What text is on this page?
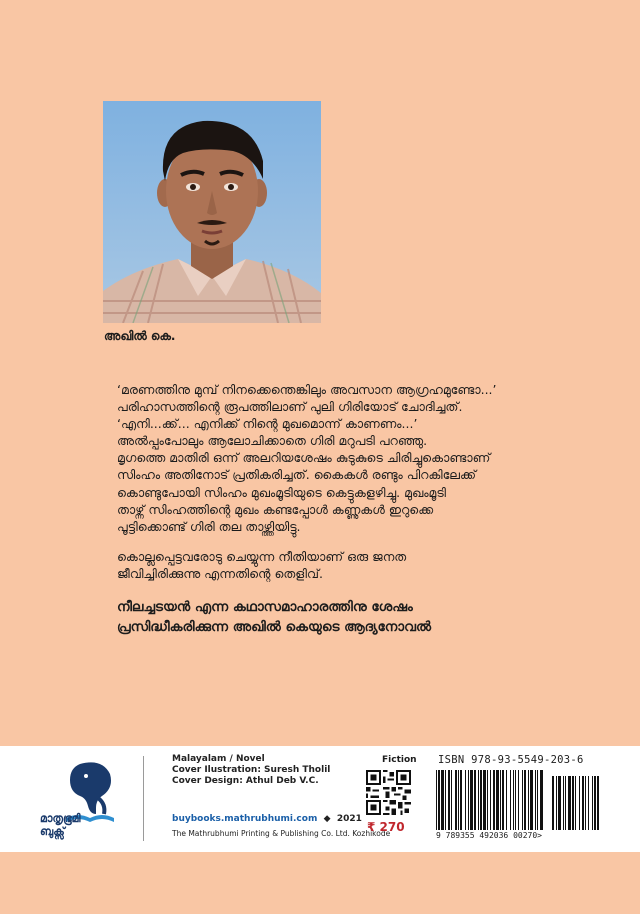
അഖിൽ കെ.

‘മരണത്തിനു മുമ്പ് നിനക്കെന്തെങ്കിലും അവസാന ആഗ്രഹമുണ്ടോ...’
പരിഹാസത്തിന്റെ രൂപത്തിലാണ് പുലി ഗിരിയോട് ചോദിച്ചത്.
‘എനി...ക്ക്... എനിക്ക് നിന്റെ മുഖമൊന്ന് കാണണം...’
അൽപ്പംപോലും ആലോചിക്കാതെ ഗിരി മറുപടി പറഞ്ഞു.
മൃഗത്തെ മാതിരി ഒന്ന് അലറിയശേഷം കുടുകുടെ ചിരിച്ചുകൊണ്ടാണ്
സിംഹം അതിനോട് പ്രതികരിച്ചത്. കൈകൾ രണ്ടും പിറകിലേക്ക്
കൊണ്ടുപോയി സിംഹം മുഖംമൂടിയുടെ കെട്ടുകളഴിച്ചു. മുഖംമൂടി
താഴ്ന്ന് സിംഹത്തിന്റെ മുഖം കണ്ടപ്പോൾ കണ്ണുകൾ ഇറുക്കെ
പൂട്ടിക്കൊണ്ട് ഗിരി തല താഴ്ത്തിയിട്ടു.

കൊല്ലപ്പെട്ടവരോടു ചെയ്യുന്ന നീതിയാണ് ഒരു ജനത
ജീവിച്ചിരിക്കുന്നു എന്നതിന്റെ തെളിവ്.

നീലച്ചടയൻ എന്ന കഥാസമാഹാരത്തിനു ശേഷം
പ്രസിദ്ധീകരിക്കുന്ന അഖിൽ കെയുടെ ആദ്യനോവൽ
മാതൃഭൂമി
ബുക്സ്
Malayalam / Novel
Cover Ilustration: Suresh Tholil
Cover Design: Athul Deb V.C.
buybooks.mathrubhumi.com ◆ 2021
The Mathrubhumi Printing & Publishing Co. Ltd. Kozhikode
Fiction
₹ 270
ISBN 978-93-5549-203-6
9 789355 492036 00270>
